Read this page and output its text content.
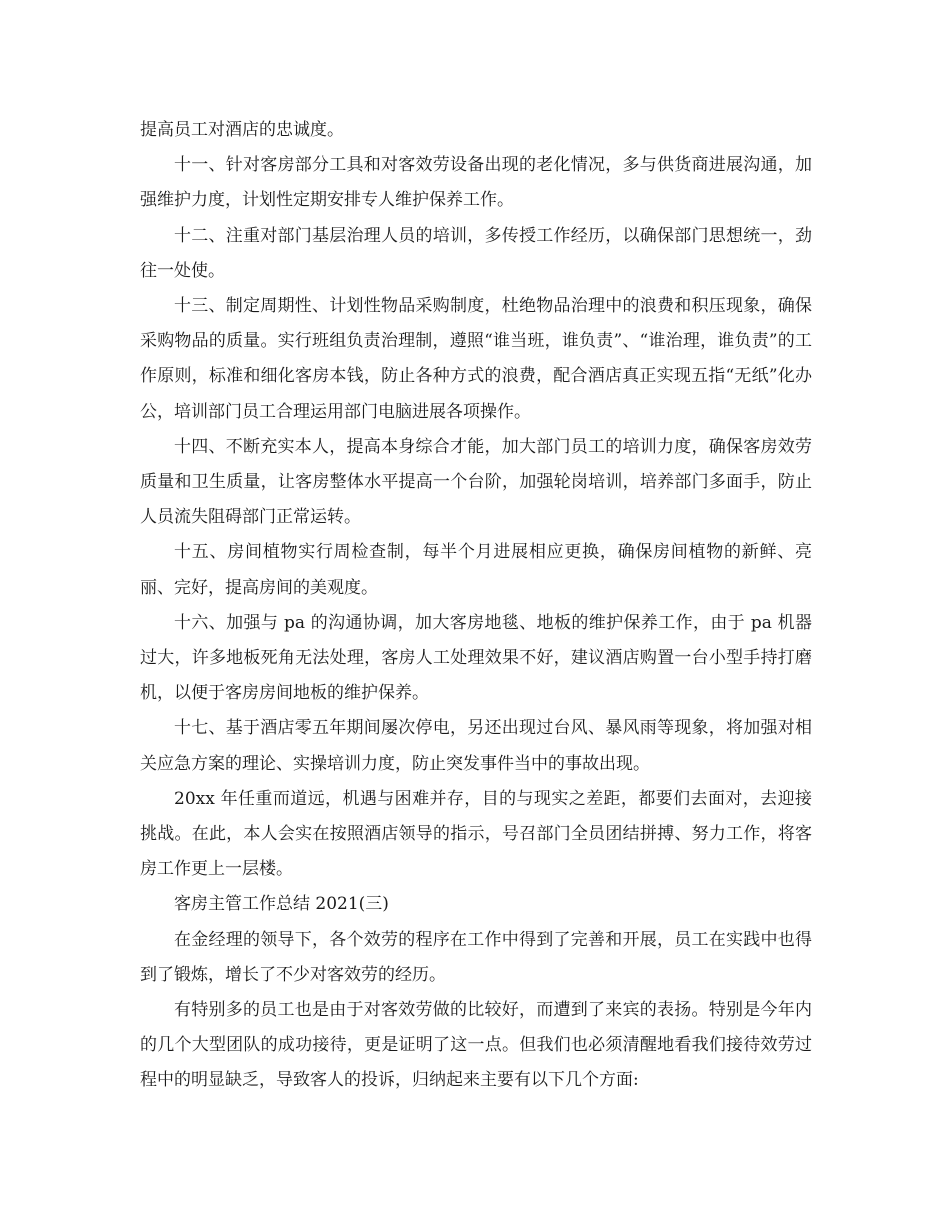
提高员工对酒店的忠诚度。

十一、针对客房部分工具和对客效劳设备出现的老化情况，多与供货商进展沟通，加强维护力度，计划性定期安排专人维护保养工作。

十二、注重对部门基层治理人员的培训，多传授工作经历，以确保部门思想统一，劲往一处使。

十三、制定周期性、计划性物品采购制度，杜绝物品治理中的浪费和积压现象，确保采购物品的质量。实行班组负责治理制，遵照“谁当班，谁负责”、“谁治理，谁负责”的工作原则，标准和细化客房本钱，防止各种方式的浪费，配合酒店真正实现五指“无纸”化办公，培训部门员工合理运用部门电脑进展各项操作。

十四、不断充实本人，提高本身综合才能，加大部门员工的培训力度，确保客房效劳质量和卫生质量，让客房整体水平提高一个台阶，加强轮岗培训，培养部门多面手，防止人员流失阻碍部门正常运转。

十五、房间植物实行周检查制，每半个月进展相应更换，确保房间植物的新鲜、亮丽、完好，提高房间的美观度。

十六、加强与 pa 的沟通协调，加大客房地毯、地板的维护保养工作，由于 pa 机器过大，许多地板死角无法处理，客房人工处理效果不好，建议酒店购置一台小型手持打磨机，以便于客房房间地板的维护保养。

十七、基于酒店零五年期间屡次停电，另还出现过台风、暴风雨等现象，将加强对相关应急方案的理论、实操培训力度，防止突发事件当中的事故出现。

20xx 年任重而道远，机遇与困难并存，目的与现实之差距，都要们去面对，去迎接挑战。在此，本人会实在按照酒店领导的指示，号召部门全员团结拼搏、努力工作，将客房工作更上一层楼。

客房主管工作总结 2021(三)

在金经理的领导下，各个效劳的程序在工作中得到了完善和开展，员工在实践中也得到了锻炼，增长了不少对客效劳的经历。

有特别多的员工也是由于对客效劳做的比较好，而遭到了来宾的表扬。特别是今年内的几个大型团队的成功接待，更是证明了这一点。但我们也必须清醒地看我们接待效劳过程中的明显缺乏，导致客人的投诉，归纳起来主要有以下几个方面:
